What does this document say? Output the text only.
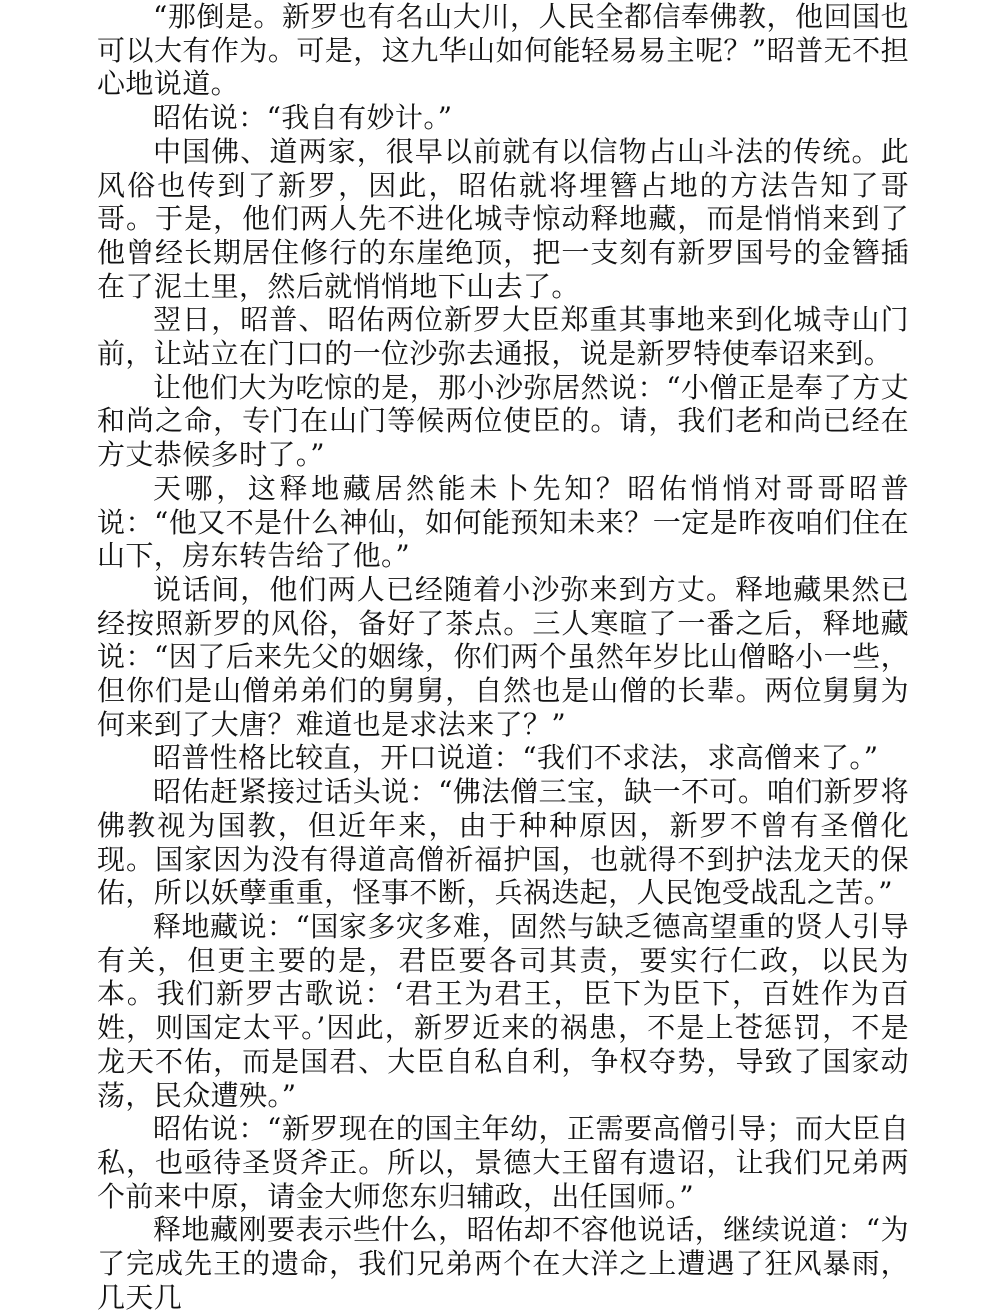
“那倒是。新罗也有名山大川，人民全都信奉佛教，他回国也可以大有作为。可是，这九华山如何能轻易易主呢？”昭普无不担心地说道。

昭佑说：“我自有妙计。”

中国佛、道两家，很早以前就有以信物占山斗法的传统。此风俗也传到了新罗，因此，昭佑就将埋簪占地的方法告知了哥哥。于是，他们两人先不进化城寺惊动释地藏，而是悄悄来到了他曾经长期居住修行的东崖绝顶，把一支刻有新罗国号的金簪插在了泥土里，然后就悄悄地下山去了。

翌日，昭普、昭佑两位新罗大臣郑重其事地来到化城寺山门前，让站立在门口的一位沙弥去通报，说是新罗特使奉诏来到。

让他们大为吃惊的是，那小沙弥居然说：“小僧正是奉了方丈和尚之命，专门在山门等候两位使臣的。请，我们老和尚已经在方丈恭候多时了。”

天哪，这释地藏居然能未卜先知？昭佑悄悄对哥哥昭普说：“他又不是什么神仙，如何能预知未来？一定是昨夜咱们住在山下，房东转告给了他。”

说话间，他们两人已经随着小沙弥来到方丈。释地藏果然已经按照新罗的风俗，备好了茶点。三人寒暄了一番之后，释地藏说：“因了后来先父的姻缘，你们两个虽然年岁比山僧略小一些，但你们是山僧弟弟们的舅舅，自然也是山僧的长辈。两位舅舅为何来到了大唐？难道也是求法来了？”

昭普性格比较直，开口说道：“我们不求法，求高僧来了。”

昭佑赶紧接过话头说：“佛法僧三宝，缺一不可。咱们新罗将佛教视为国教，但近年来，由于种种原因，新罗不曾有圣僧化现。国家因为没有得道高僧祈福护国，也就得不到护法龙天的保佑，所以妖孽重重，怪事不断，兵祸迭起，人民饱受战乱之苦。”

释地藏说：“国家多灾多难，固然与缺乏德高望重的贤人引导有关，但更主要的是，君臣要各司其责，要实行仁政，以民为本。我们新罗古歌说：‘君王为君王，臣下为臣下，百姓作为百姓，则国定太平。’因此，新罗近来的祸患，不是上苍惩罚，不是龙天不佑，而是国君、大臣自私自利，争权夺势，导致了国家动荡，民众遭殃。”

昭佑说：“新罗现在的国主年幼，正需要高僧引导；而大臣自私，也亟待圣贤斧正。所以，景德大王留有遗诏，让我们兄弟两个前来中原，请金大师您东归辅政，出任国师。”

释地藏刚要表示些什么，昭佑却不容他说话，继续说道：“为了完成先王的遗命，我们兄弟两个在大洋之上遭遇了狂风暴雨，几天几
